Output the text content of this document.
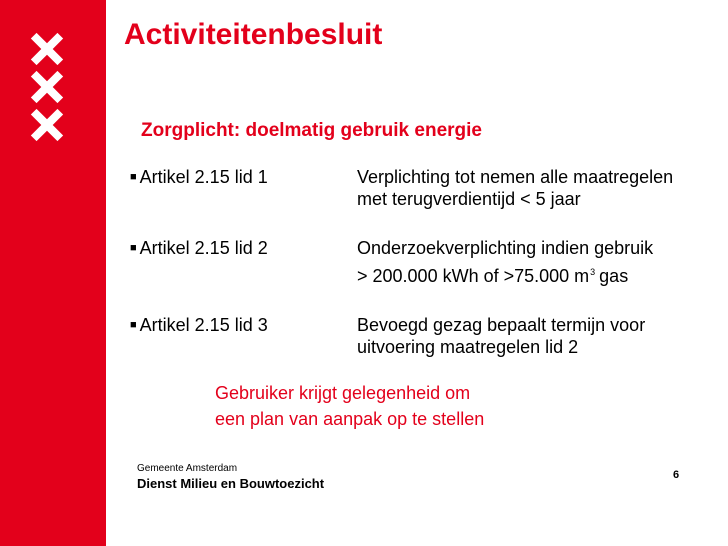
Activiteitenbesluit
Zorgplicht: doelmatig gebruik energie
■ Artikel 2.15 lid 1	Verplichting tot nemen alle maatregelen
met terugverdientijd < 5 jaar
■ Artikel 2.15 lid 2	Onderzoekverplichting indien gebruik
> 200.000 kWh of >75.000 $m^3$ gas
■ Artikel 2.15 lid 3	Bevoegd gezag bepaalt termijn voor
uitvoering maatregelen lid 2
Gebruiker krijgt gelegenheid om
een plan van aanpak op te stellen
Gemeente Amsterdam
Dienst Milieu en Bouwtoezicht
6
